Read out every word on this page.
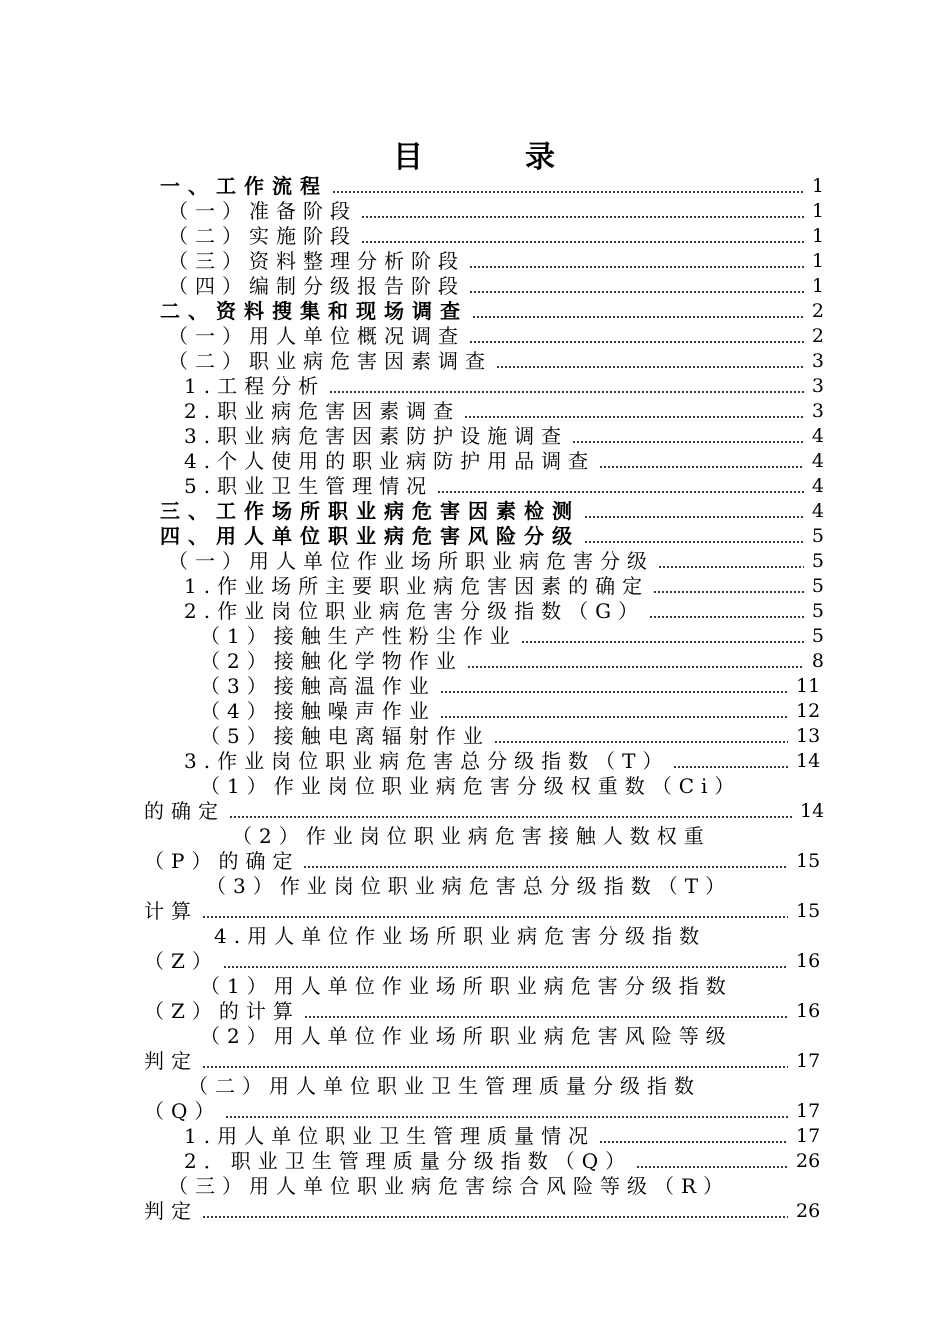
目	录
一、工作流程	1
（一）准备阶段	1
（二）实施阶段	1
（三）资料整理分析阶段	1
（四）编制分级报告阶段	1
二、资料搜集和现场调查	2
（一）用人单位概况调查	2
（二）职业病危害因素调查	3
1.工程分析	3
2.职业病危害因素调查	3
3.职业病危害因素防护设施调查	4
4.个人使用的职业病防护用品调查	4
5.职业卫生管理情况	4
三、工作场所职业病危害因素检测	4
四、用人单位职业病危害风险分级	5
（一）用人单位作业场所职业病危害分级	5
1.作业场所主要职业病危害因素的确定	5
2.作业岗位职业病危害分级指数（G）	5
（1）接触生产性粉尘作业	5
（2）接触化学物作业	8
（3）接触高温作业	11
（4）接触噪声作业	12
（5）接触电离辐射作业	13
3.作业岗位职业病危害总分级指数（T）	14
（1）作业岗位职业病危害分级权重数（Ci）
的确定	14
（2）作业岗位职业病危害接触人数权重
（P）的确定	15
（3）作业岗位职业病危害总分级指数（T）
计算	15
4.用人单位作业场所职业病危害分级指数
（Z）	16
（1）用人单位作业场所职业病危害分级指数
（Z）的计算	16
（2）用人单位作业场所职业病危害风险等级
判定	17
（二）用人单位职业卫生管理质量分级指数
（Q）	17
1.用人单位职业卫生管理质量情况	17
2．职业卫生管理质量分级指数（Q）	26
（三）用人单位职业病危害综合风险等级（R）
判定	26
